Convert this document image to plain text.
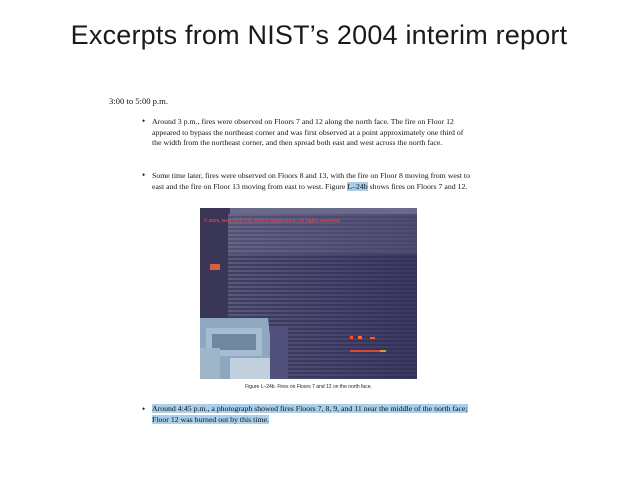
Excerpts from NIST’s 2004 interim report
3:00 to 5:00 p.m.
• Around 3 p.m., fires were observed on Floors 7 and 12 along the north face. The fire on Floor 12 appeared to bypass the northeast corner and was first observed at a point approximately one third of the width from the northeast corner, and then spread both east and west across the north face.
• Some time later, fires were observed on Floors 8 and 13, with the fire on Floor 8 moving from west to east and the fire on Floor 13 moving from east to west. Figure L–24b shows fires on Floors 7 and 12.
© 2001, New York City Police Department. All rights reserved.
Figure L–24b. Fires on Floors 7 and 12 on the north face.
• Around 4:45 p.m., a photograph showed fires Floors 7, 8, 9, and 11 near the middle of the north face; Floor 12 was burned out by this time.
